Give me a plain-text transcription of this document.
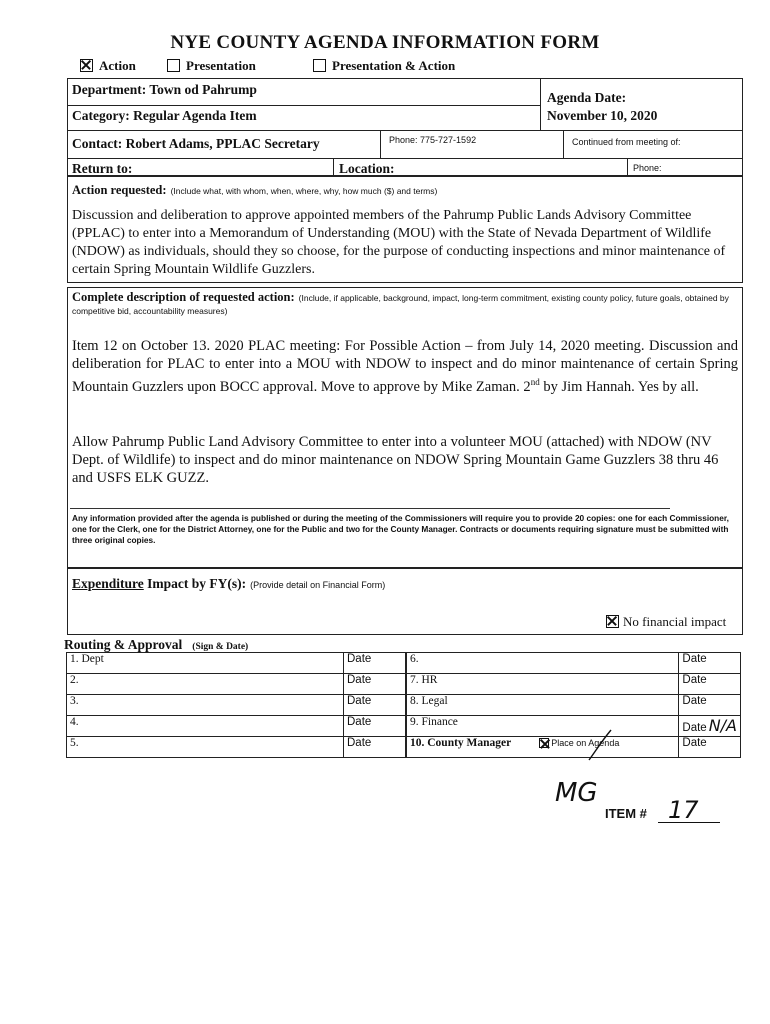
NYE COUNTY AGENDA INFORMATION FORM
Action	Presentation	Presentation & Action
Department: Town od Pahrump
Agenda Date:
November 10, 2020
Category: Regular Agenda Item
Contact: Robert Adams, PPLAC Secretary	Phone: 775-727-1592	Continued from meeting of:
Return to:	Location:	Phone:
Action requested: (Include what, with whom, when, where, why, how much ($) and terms)
Discussion and deliberation to approve appointed members of the Pahrump Public Lands Advisory Committee (PPLAC) to enter into a Memorandum of Understanding (MOU) with the State of Nevada Department of Wildlife (NDOW) as individuals, should they so choose, for the purpose of conducting inspections and minor maintenance of certain Spring Mountain Wildlife Guzzlers.
Complete description of requested action: (Include, if applicable, background, impact, long-term commitment, existing county policy, future goals, obtained by competitive bid, accountability measures)
Item 12 on October 13. 2020 PLAC meeting: For Possible Action – from July 14, 2020 meeting. Discussion and deliberation for PLAC to enter into a MOU with NDOW to inspect and do minor maintenance of certain Spring Mountain Guzzlers upon BOCC approval. Move to approve by Mike Zaman. 2nd by Jim Hannah. Yes by all.
Allow Pahrump Public Land Advisory Committee to enter into a volunteer MOU (attached) with NDOW (NV Dept. of Wildlife) to inspect and do minor maintenance on NDOW Spring Mountain Game Guzzlers 38 thru 46 and USFS ELK GUZZ.
Any information provided after the agenda is published or during the meeting of the Commissioners will require you to provide 20 copies: one for each Commissioner, one for the Clerk, one for the District Attorney, one for the Public and two for the County Manager. Contracts or documents requiring signature must be submitted with three original copies.
Expenditure Impact by FY(s): (Provide detail on Financial Form)
No financial impact
Routing & Approval (Sign & Date)
1. Dept	Date
2.	Date
3.	Date
4.	Date
5.	Date
6.	Date
7. HR	Date
8. Legal	Date
9. Finance	Date N/A
10. County Manager Place on Agenda	Date
MG
ITEM # 17
